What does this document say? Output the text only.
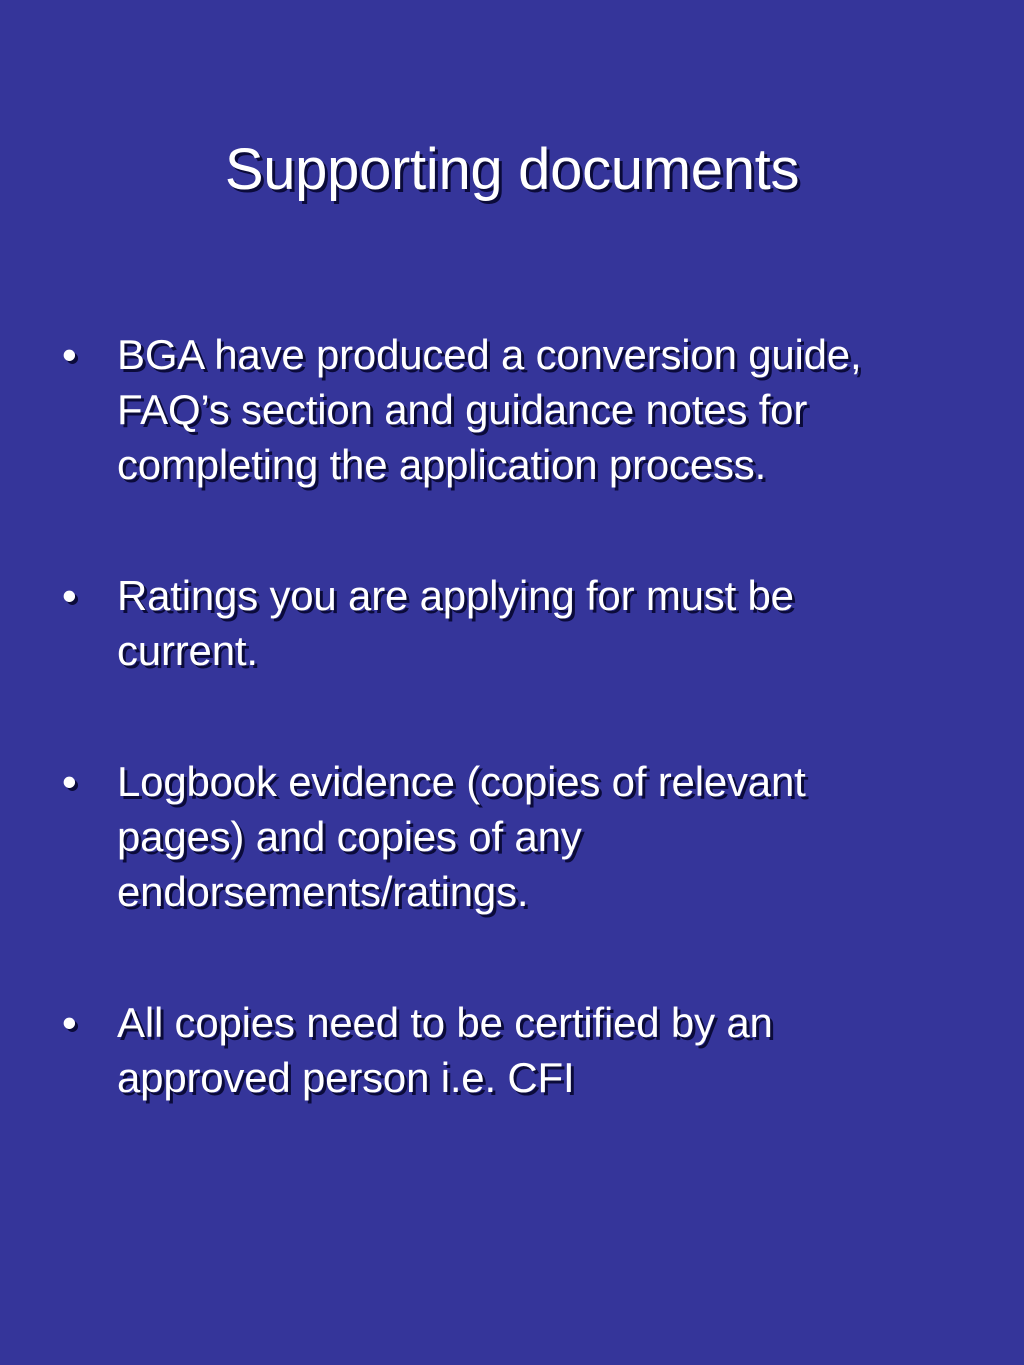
Supporting documents
• BGA have produced a conversion guide,
FAQ’s section and guidance notes for
completing the application process.
• Ratings you are applying for must be
current.
• Logbook evidence (copies of relevant
pages) and copies of any
endorsements/ratings.
• All copies need to be certified by an
approved person i.e. CFI
